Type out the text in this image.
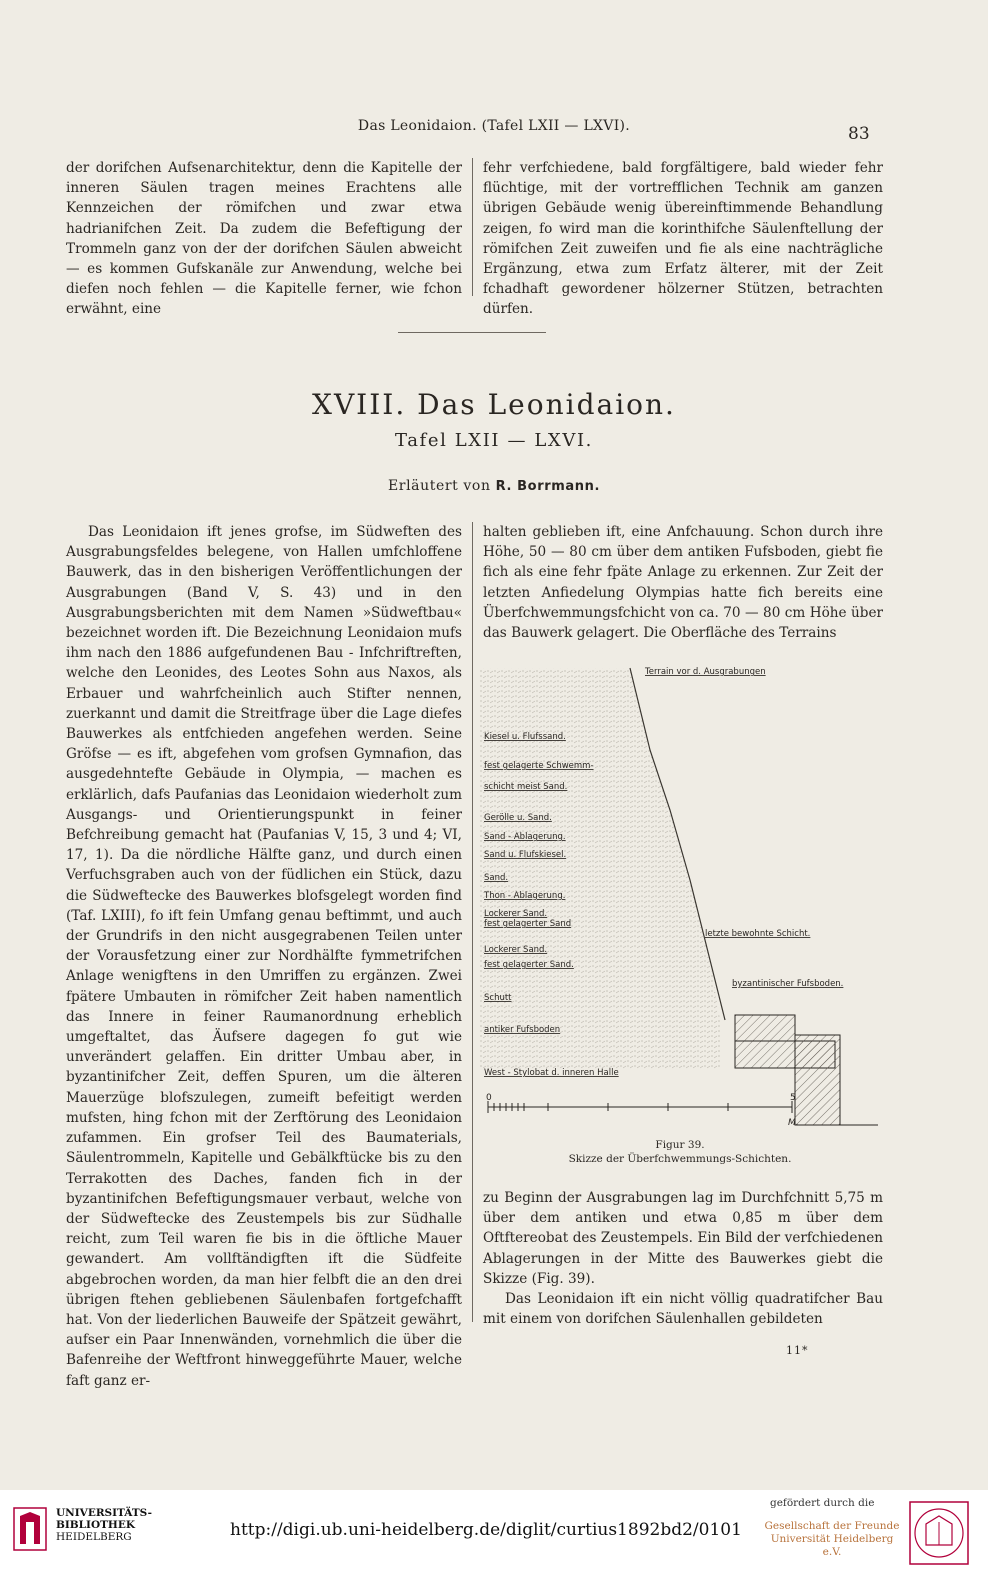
Das Leonidaion. (Tafel LXII — LXVI).	83

der dorifchen Aufsenarchitektur, denn die Kapitelle der inneren Säulen tragen meines Erachtens alle Kennzeichen der römifchen und zwar etwa hadrianifchen Zeit. Da zudem die Befeftigung der Trommeln ganz von der der dorifchen Säulen abweicht — es kommen Gufskanäle zur Anwendung, welche bei diefen noch fehlen — die Kapitelle ferner, wie fchon erwähnt, eine

fehr verfchiedene, bald forgfältigere, bald wieder fehr flüchtige, mit der vortrefflichen Technik am ganzen übrigen Gebäude wenig übereinftimmende Behandlung zeigen, fo wird man die korinthifche Säulenftellung der römifchen Zeit zuweifen und fie als eine nachträgliche Ergänzung, etwa zum Erfatz älterer, mit der Zeit fchadhaft gewordener hölzerner Stützen, betrachten dürfen.

XVIII. Das Leonidaion.
Tafel LXII — LXVI.
Erläutert von R. Borrmann.

Das Leonidaion ift jenes grofse, im Südweften des Ausgrabungsfeldes belegene, von Hallen umfchloffene Bauwerk, das in den bisherigen Veröffentlichungen der Ausgrabungen (Band V, S. 43) und in den Ausgrabungsberichten mit dem Namen »Südweftbau« bezeichnet worden ift. Die Bezeichnung Leonidaion mufs ihm nach den 1886 aufgefundenen Bau - Infchriftreften, welche den Leonides, des Leotes Sohn aus Naxos, als Erbauer und wahrfcheinlich auch Stifter nennen, zuerkannt und damit die Streitfrage über die Lage diefes Bauwerkes als entfchieden angefehen werden. Seine Gröfse — es ift, abgefehen vom grofsen Gymnafion, das ausgedehntefte Gebäude in Olympia, — machen es erklärlich, dafs Paufanias das Leonidaion wiederholt zum Ausgangs- und Orientierungspunkt in feiner Befchreibung gemacht hat (Paufanias V, 15, 3 und 4; VI, 17, 1). Da die nördliche Hälfte ganz, und durch einen Verfuchsgraben auch von der füdlichen ein Stück, dazu die Südweftecke des Bauwerkes blofsgelegt worden find (Taf. LXIII), fo ift fein Umfang genau beftimmt, und auch der Grundrifs in den nicht ausgegrabenen Teilen unter der Vorausfetzung einer zur Nordhälfte fymmetrifchen Anlage wenigftens in den Umriffen zu ergänzen. Zwei fpätere Umbauten in römifcher Zeit haben namentlich das Innere in feiner Raumanordnung erheblich umgeftaltet, das Äufsere dagegen fo gut wie unverändert gelaffen. Ein dritter Umbau aber, in byzantinifcher Zeit, deffen Spuren, um die älteren Mauerzüge blofszulegen, zumeift befeitigt werden mufsten, hing fchon mit der Zerftörung des Leonidaion zufammen. Ein grofser Teil des Baumaterials, Säulentrommeln, Kapitelle und Gebälkftücke bis zu den Terrakotten des Daches, fanden fich in der byzantinifchen Befeftigungsmauer verbaut, welche von der Südweftecke des Zeustempels bis zur Südhalle reicht, zum Teil waren fie bis in die öftliche Mauer gewandert. Am vollftändigften ift die Südfeite abgebrochen worden, da man hier felbft die an den drei übrigen ftehen gebliebenen Säulenbafen fortgefchafft hat. Von der liederlichen Bauweife der Spätzeit gewährt, aufser ein Paar Innenwänden, vornehmlich die über die Bafenreihe der Weftfront hinweggeführte Mauer, welche faft ganz er-

halten geblieben ift, eine Anfchauung. Schon durch ihre Höhe, 50 — 80 cm über dem antiken Fufsboden, giebt fie fich als eine fehr fpäte Anlage zu erkennen. Zur Zeit der letzten Anfiedelung Olympias hatte fich bereits eine Überfchwemmungsfchicht von ca. 70 — 80 cm Höhe über das Bauwerk gelagert. Die Oberfläche des Terrains

Terrain vor d. Ausgrabungen
Kiesel u. Flufssand.
fest gelagerte Schwemm-
schicht meist Sand.
Gerölle u. Sand.
Sand - Ablagerung.
Sand u. Flufskiesel.
Sand.
Thon - Ablagerung.
Lockerer Sand.
fest gelagerter Sand
letzte bewohnte Schicht.
Lockerer Sand.
fest gelagerter Sand.
byzantinischer Fufsboden.
Schutt
antiker Fufsboden
West - Stylobat d. inneren Halle
0	5
M.
Figur 39.
Skizze der Überfchwemmungs-Schichten.

zu Beginn der Ausgrabungen lag im Durchfchnitt 5,75 m über dem antiken und etwa 0,85 m über dem Oftftereobat des Zeustempels. Ein Bild der verfchiedenen Ablagerungen in der Mitte des Bauwerkes giebt die Skizze (Fig. 39).

Das Leonidaion ift ein nicht völlig quadratifcher Bau mit einem von dorifchen Säulenhallen gebildeten

11*
UNIVERSITÄTS-
BIBLIOTHEK
HEIDELBERG	http://digi.ub.uni-heidelberg.de/diglit/curtius1892bd2/0101
gefördert durch die
Gesellschaft der Freunde
Universität Heidelberg e.V.
